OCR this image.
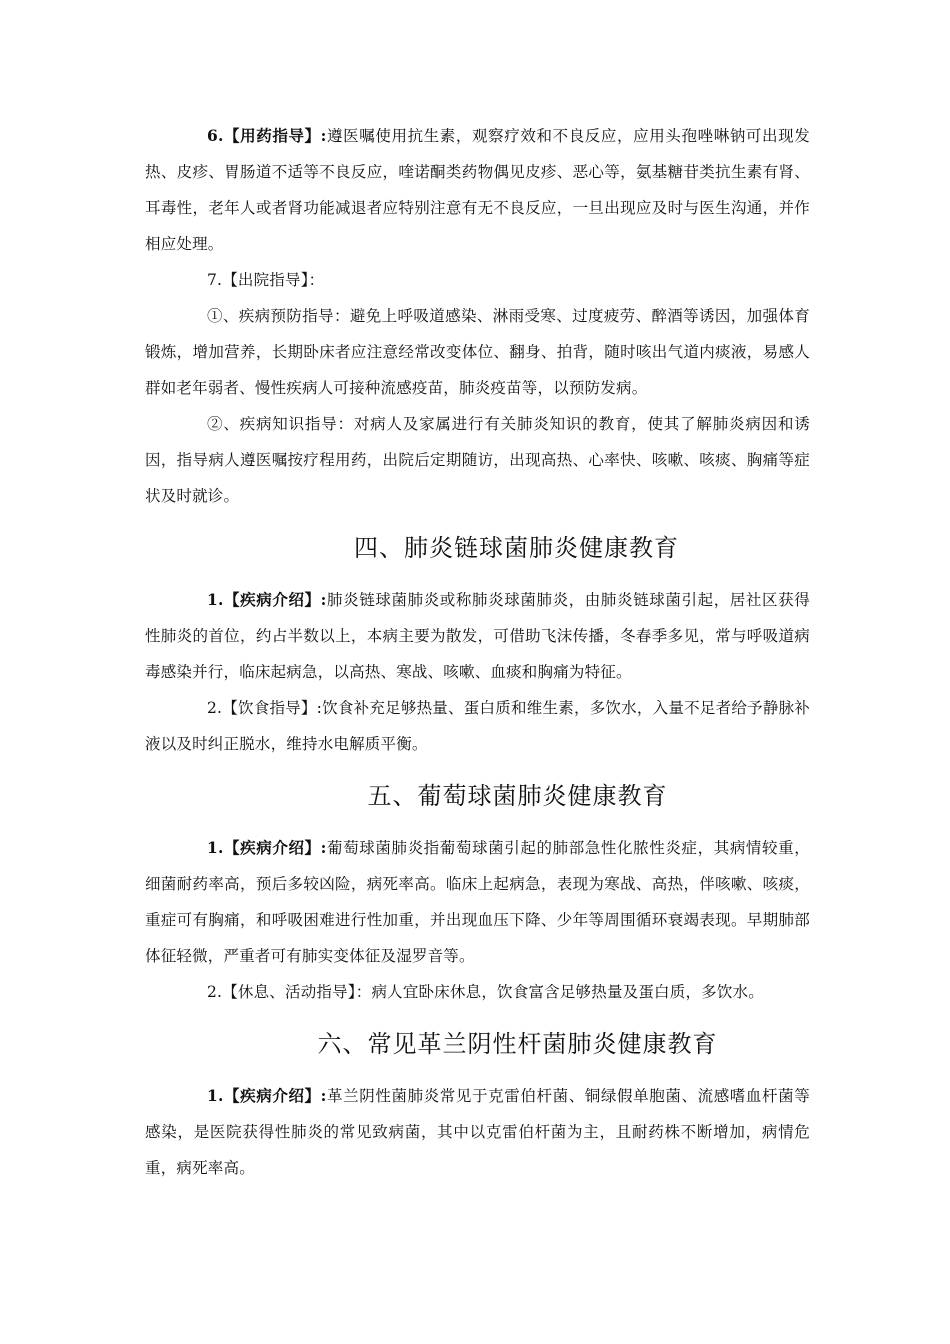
6.【用药指导】:遵医嘱使用抗生素，观察疗效和不良反应，应用头孢唑啉钠可出现发热、皮疹、胃肠道不适等不良反应，喹诺酮类药物偶见皮疹、恶心等，氨基糖苷类抗生素有肾、耳毒性，老年人或者肾功能减退者应特别注意有无不良反应，一旦出现应及时与医生沟通，并作相应处理。

7.【出院指导】：

①、疾病预防指导：避免上呼吸道感染、淋雨受寒、过度疲劳、醉酒等诱因，加强体育锻炼，增加营养，长期卧床者应注意经常改变体位、翻身、拍背，随时咳出气道内痰液，易感人群如老年弱者、慢性疾病人可接种流感疫苗，肺炎疫苗等，以预防发病。

②、疾病知识指导：对病人及家属进行有关肺炎知识的教育，使其了解肺炎病因和诱因，指导病人遵医嘱按疗程用药，出院后定期随访，出现高热、心率快、咳嗽、咳痰、胸痛等症状及时就诊。

四、肺炎链球菌肺炎健康教育

1.【疾病介绍】:肺炎链球菌肺炎或称肺炎球菌肺炎，由肺炎链球菌引起，居社区获得性肺炎的首位，约占半数以上，本病主要为散发，可借助飞沫传播，冬春季多见，常与呼吸道病毒感染并行，临床起病急，以高热、寒战、咳嗽、血痰和胸痛为特征。

2.【饮食指导】:饮食补充足够热量、蛋白质和维生素，多饮水，入量不足者给予静脉补液以及时纠正脱水，维持水电解质平衡。

五、葡萄球菌肺炎健康教育

1.【疾病介绍】:葡萄球菌肺炎指葡萄球菌引起的肺部急性化脓性炎症，其病情较重，细菌耐药率高，预后多较凶险，病死率高。临床上起病急，表现为寒战、高热，伴咳嗽、咳痰，重症可有胸痛，和呼吸困难进行性加重，并出现血压下降、少年等周围循环衰竭表现。早期肺部体征轻微，严重者可有肺实变体征及湿罗音等。

2.【休息、活动指导】：病人宜卧床休息，饮食富含足够热量及蛋白质，多饮水。

六、常见革兰阴性杆菌肺炎健康教育

1.【疾病介绍】:革兰阴性菌肺炎常见于克雷伯杆菌、铜绿假单胞菌、流感嗜血杆菌等感染，是医院获得性肺炎的常见致病菌，其中以克雷伯杆菌为主，且耐药株不断增加，病情危重，病死率高。
